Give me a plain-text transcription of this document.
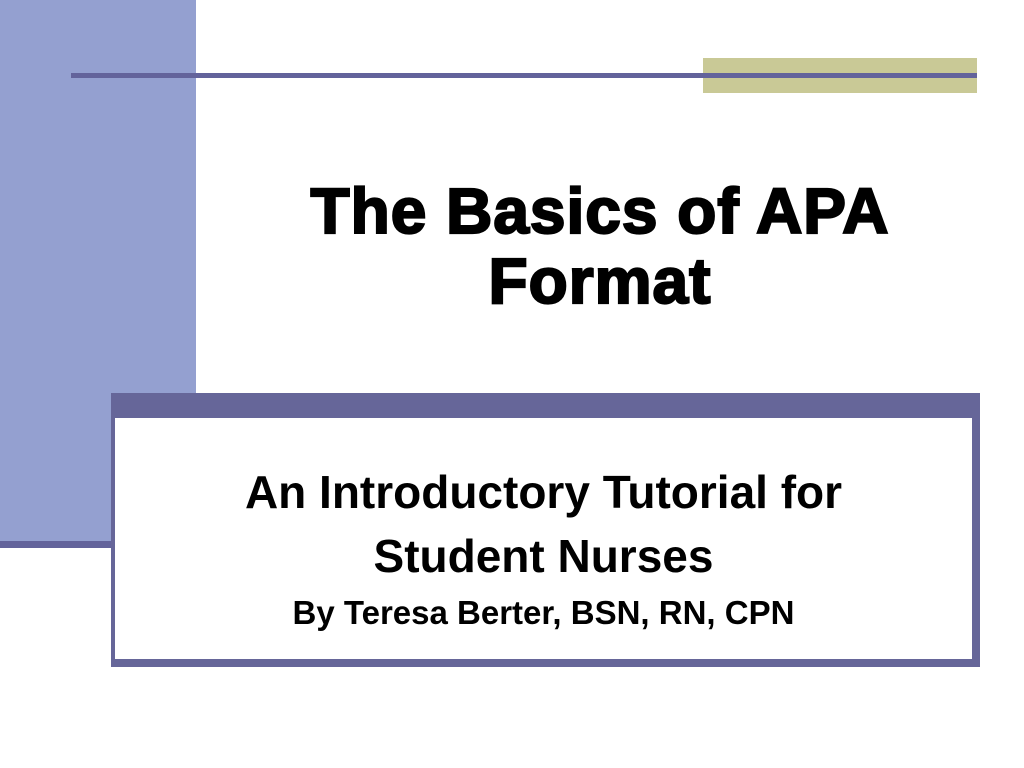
The Basics of APA
Format

An Introductory Tutorial for

Student Nurses

By Teresa Berter, BSN, RN, CPN
